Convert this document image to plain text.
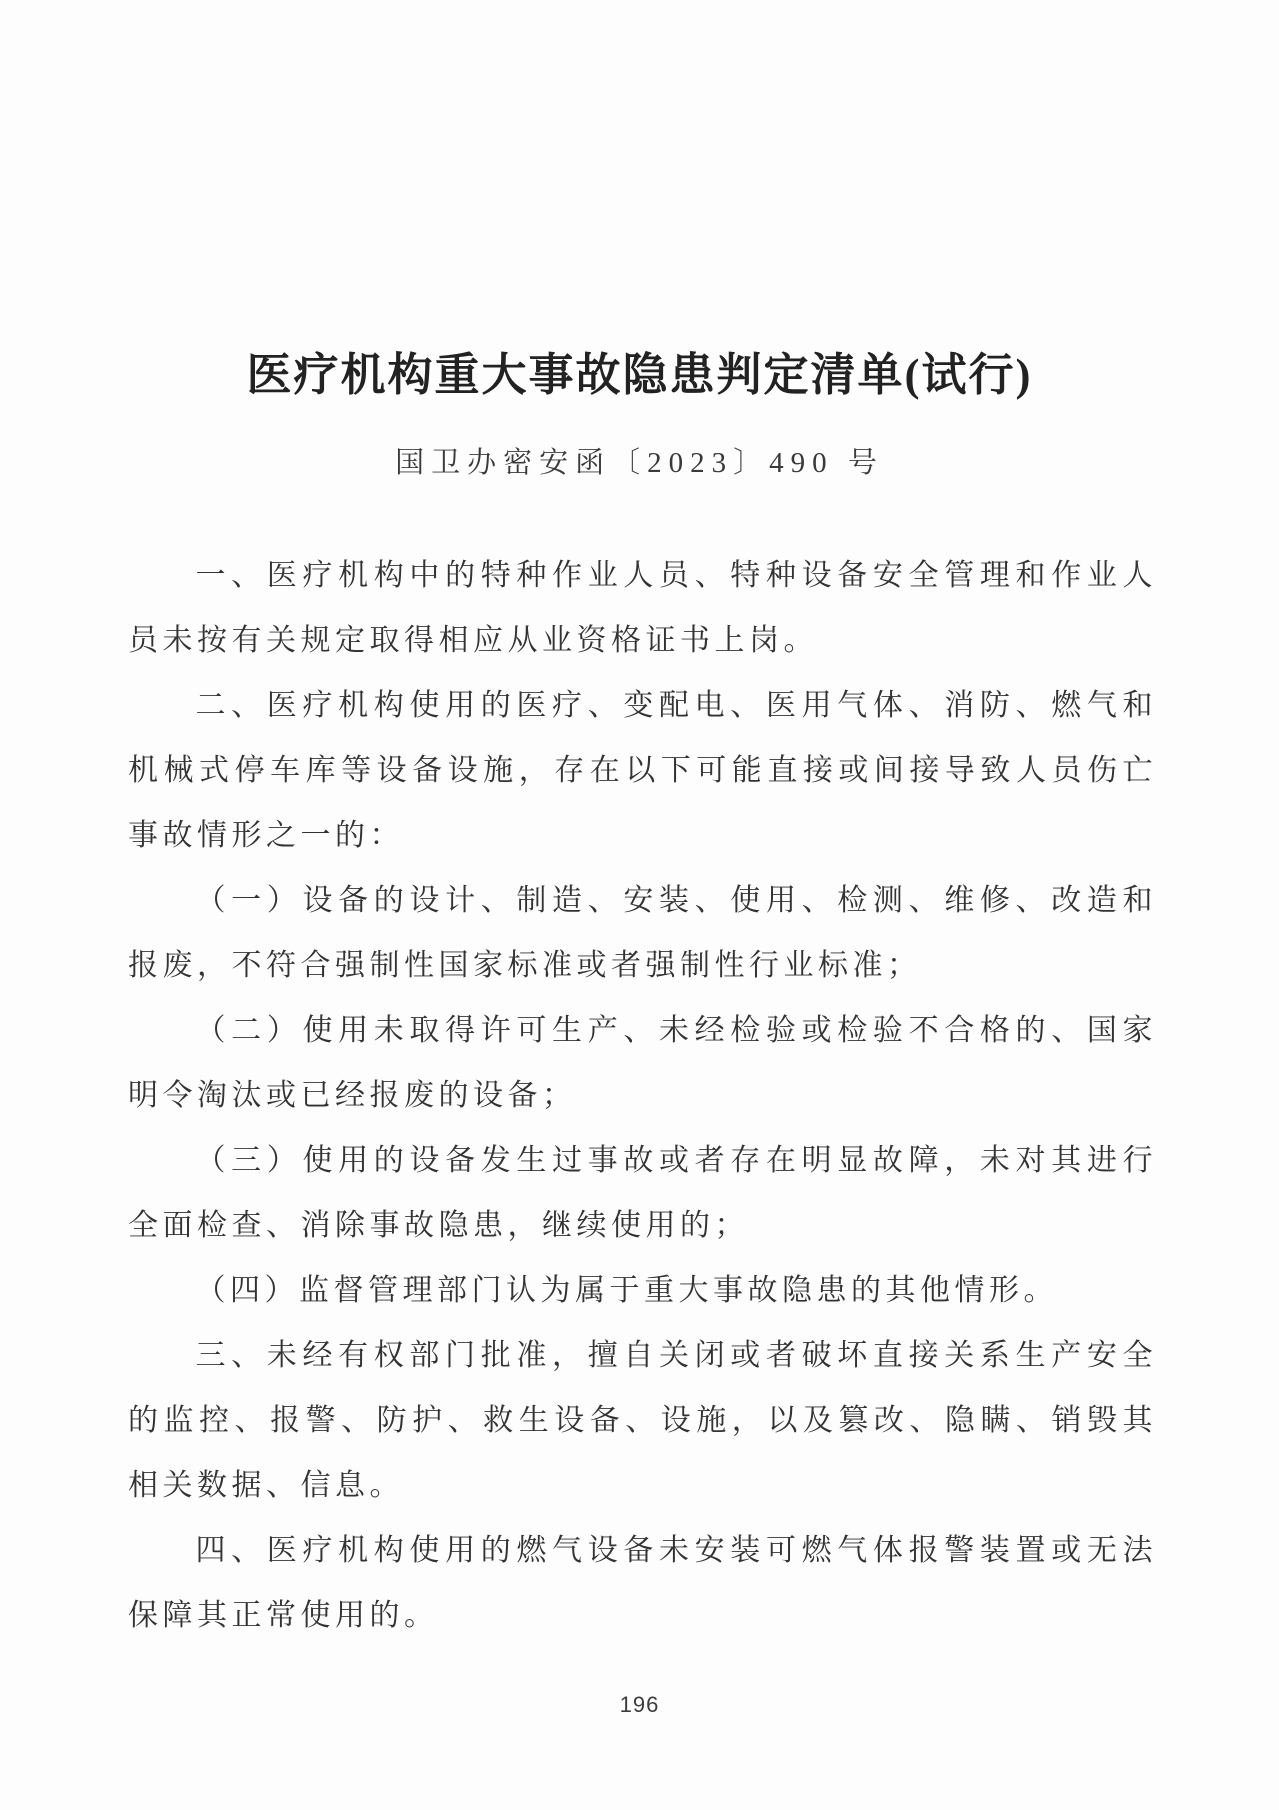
医疗机构重大事故隐患判定清单(试行)
国卫办密安函〔2023〕490 号

一、医疗机构中的特种作业人员、特种设备安全管理和作业人员未按有关规定取得相应从业资格证书上岗。

二、医疗机构使用的医疗、变配电、医用气体、消防、燃气和机械式停车库等设备设施，存在以下可能直接或间接导致人员伤亡事故情形之一的：

（一）设备的设计、制造、安装、使用、检测、维修、改造和报废，不符合强制性国家标准或者强制性行业标准；

（二）使用未取得许可生产、未经检验或检验不合格的、国家明令淘汰或已经报废的设备；

（三）使用的设备发生过事故或者存在明显故障，未对其进行全面检查、消除事故隐患，继续使用的；

（四）监督管理部门认为属于重大事故隐患的其他情形。

三、未经有权部门批准，擅自关闭或者破坏直接关系生产安全的监控、报警、防护、救生设备、设施，以及篡改、隐瞒、销毁其相关数据、信息。

四、医疗机构使用的燃气设备未安装可燃气体报警装置或无法保障其正常使用的。

196
